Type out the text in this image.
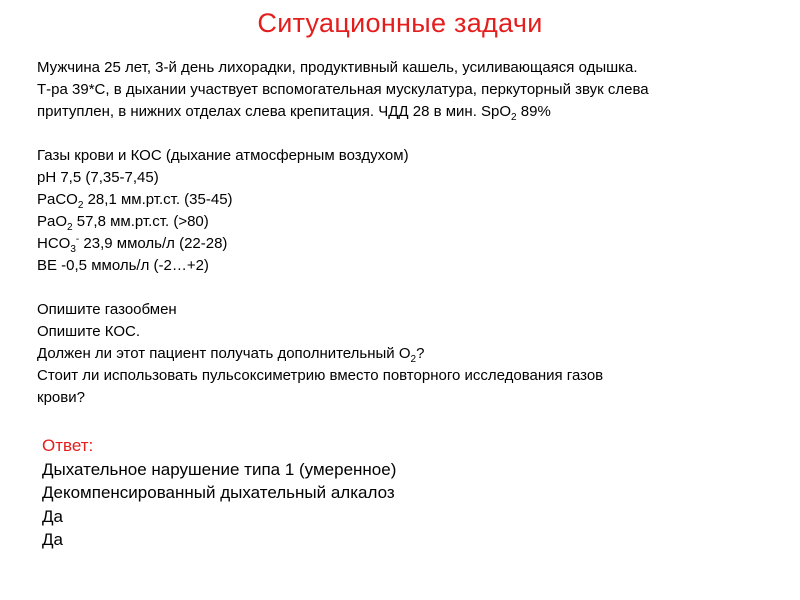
Ситуационные задачи

Мужчина 25 лет, 3-й день лихорадки, продуктивный кашель, усиливающаяся одышка.

Т-ра 39*С, в дыхании участвует вспомогательная мускулатура, перкуторный звук слева

притуплен, в нижних отделах слева крепитация. ЧДД 28 в мин. SpO$_2$ 89%

Газы крови и КОС (дыхание атмосферным воздухом)

pH 7,5 (7,35-7,45)

PaCO$_2$ 28,1 мм.рт.ст. (35-45)

PaO$_2$ 57,8 мм.рт.ст. (>80)

$HCO_3^-$ 23,9 ммоль/л (22-28)

BE -0,5 ммоль/л (-2…+2)

Опишите газообмен

Опишите КОС.

Должен ли этот пациент получать дополнительный $О_2$?

Стоит ли использовать пульсоксиметрию вместо повторного исследования газов

крови?

Ответ:

Дыхательное нарушение типа 1 (умеренное)

Декомпенсированный дыхательный алкалоз

Да

Да
